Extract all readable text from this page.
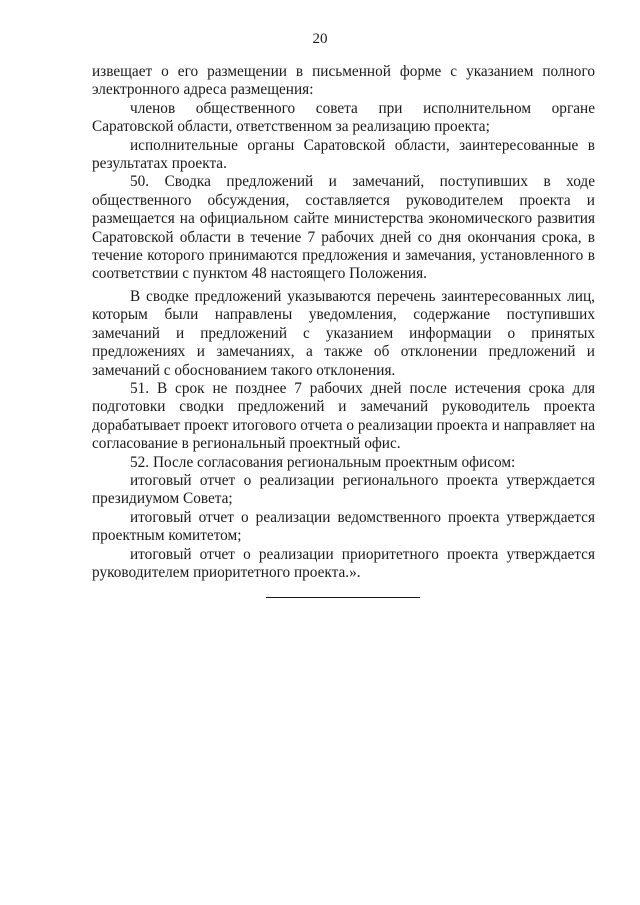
20

извещает о его размещении в письменной форме с указанием полного электронного адреса размещения:

членов общественного совета при исполнительном органе Саратовской области, ответственном за реализацию проекта;

исполнительные органы Саратовской области, заинтересованные в результатах проекта.

50. Сводка предложений и замечаний, поступивших в ходе общественного обсуждения, составляется руководителем проекта и размещается на официальном сайте министерства экономического развития Саратовской области в течение 7 рабочих дней со дня окончания срока, в течение которого принимаются предложения и замечания, установленного в соответствии с пунктом 48 настоящего Положения.

В сводке предложений указываются перечень заинтересованных лиц, которым были направлены уведомления, содержание поступивших замечаний и предложений с указанием информации о принятых предложениях и замечаниях, а также об отклонении предложений и замечаний с обоснованием такого отклонения.

51. В срок не позднее 7 рабочих дней после истечения срока для подготовки сводки предложений и замечаний руководитель проекта дорабатывает проект итогового отчета о реализации проекта и направляет на согласование в региональный проектный офис.

52. После согласования региональным проектным офисом:

итоговый отчет о реализации регионального проекта утверждается президиумом Совета;

итоговый отчет о реализации ведомственного проекта утверждается проектным комитетом;

итоговый отчет о реализации приоритетного проекта утверждается руководителем приоритетного проекта.».
